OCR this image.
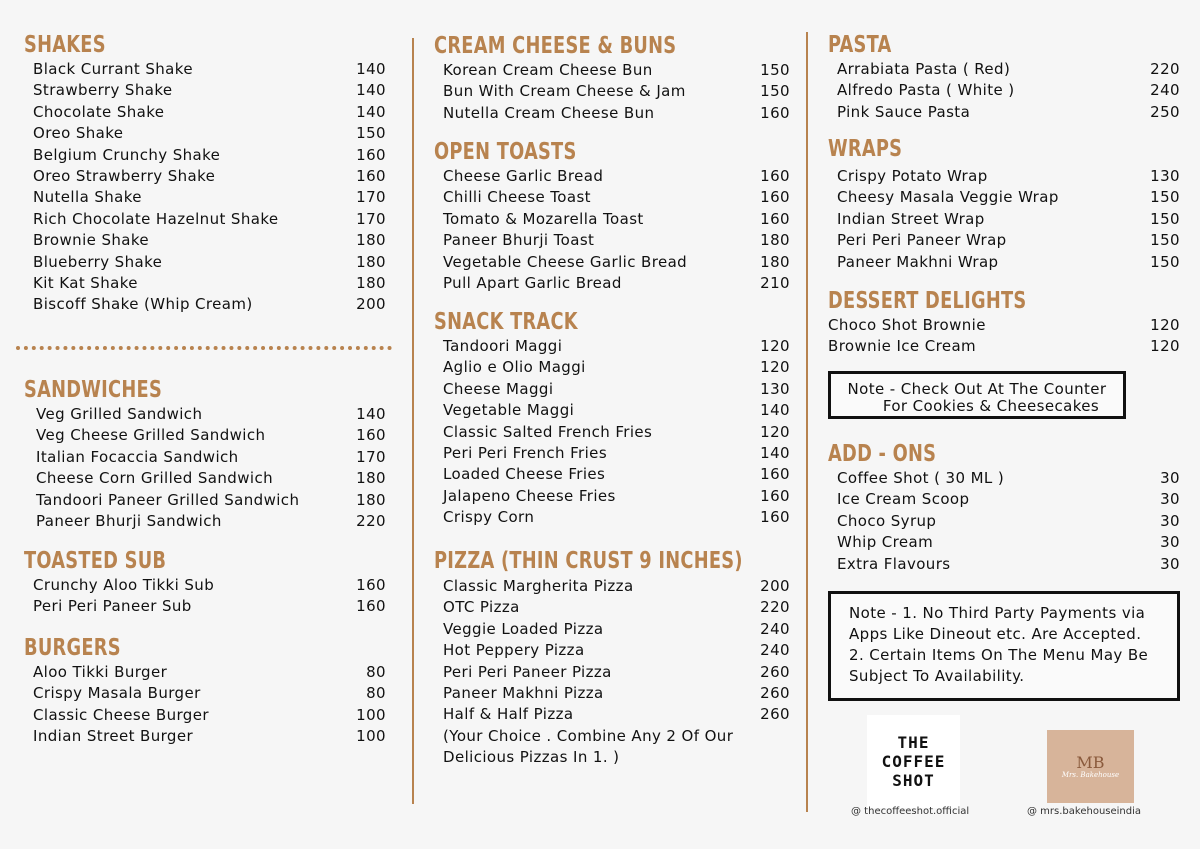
SHAKES
Black Currant Shake	140
Strawberry Shake	140
Chocolate Shake	140
Oreo Shake	150
Belgium Crunchy Shake	160
Oreo Strawberry Shake	160
Nutella Shake	170
Rich Chocolate Hazelnut Shake	170
Brownie Shake	180
Blueberry Shake	180
Kit Kat Shake	180
Biscoff Shake (Whip Cream)	200
SANDWICHES
Veg Grilled Sandwich	140
Veg Cheese Grilled Sandwich	160
Italian Focaccia Sandwich	170
Cheese Corn Grilled Sandwich	180
Tandoori Paneer Grilled Sandwich	180
Paneer Bhurji Sandwich	220
TOASTED SUB
Crunchy Aloo Tikki Sub	160
Peri Peri Paneer Sub	160
BURGERS
Aloo Tikki Burger	80
Crispy Masala Burger	80
Classic Cheese Burger	100
Indian Street Burger	100
CREAM CHEESE & BUNS
Korean Cream Cheese Bun	150
Bun With Cream Cheese & Jam	150
Nutella Cream Cheese Bun	160
OPEN TOASTS
Cheese Garlic Bread	160
Chilli Cheese Toast	160
Tomato & Mozarella Toast	160
Paneer Bhurji Toast	180
Vegetable Cheese Garlic Bread	180
Pull Apart Garlic Bread	210
SNACK TRACK
Tandoori Maggi	120
Aglio e Olio Maggi	120
Cheese Maggi	130
Vegetable Maggi	140
Classic Salted French Fries	120
Peri Peri French Fries	140
Loaded Cheese Fries	160
Jalapeno Cheese Fries	160
Crispy Corn	160
PIZZA (THIN CRUST 9 INCHES)
Classic Margherita Pizza	200
OTC Pizza	220
Veggie Loaded Pizza	240
Hot Peppery Pizza	240
Peri Peri Paneer Pizza	260
Paneer Makhni Pizza	260
Half & Half Pizza	260
(Your Choice . Combine Any 2 Of Our
Delicious Pizzas In 1. )
PASTA
Arrabiata Pasta ( Red)	220
Alfredo Pasta ( White )	240
Pink Sauce Pasta	250
WRAPS
Crispy Potato Wrap	130
Cheesy Masala Veggie Wrap	150
Indian Street Wrap	150
Peri Peri Paneer Wrap	150
Paneer Makhni Wrap	150
DESSERT DELIGHTS
Choco Shot Brownie	120
Brownie Ice Cream	120
ADD - ONS
Coffee Shot ( 30 ML )	30
Ice Cream Scoop	30
Choco Syrup	30
Whip Cream	30
Extra Flavours	30
Note - Check Out At The Counter
For Cookies & Cheesecakes
Note - 1. No Third Party Payments via
Apps Like Dineout etc. Are Accepted.
2. Certain Items On The Menu May Be
Subject To Availability.
THE
COFFEE
SHOT
@ thecoffeeshot.official
MB
Mrs. Bakehouse
@ mrs.bakehouseindia
